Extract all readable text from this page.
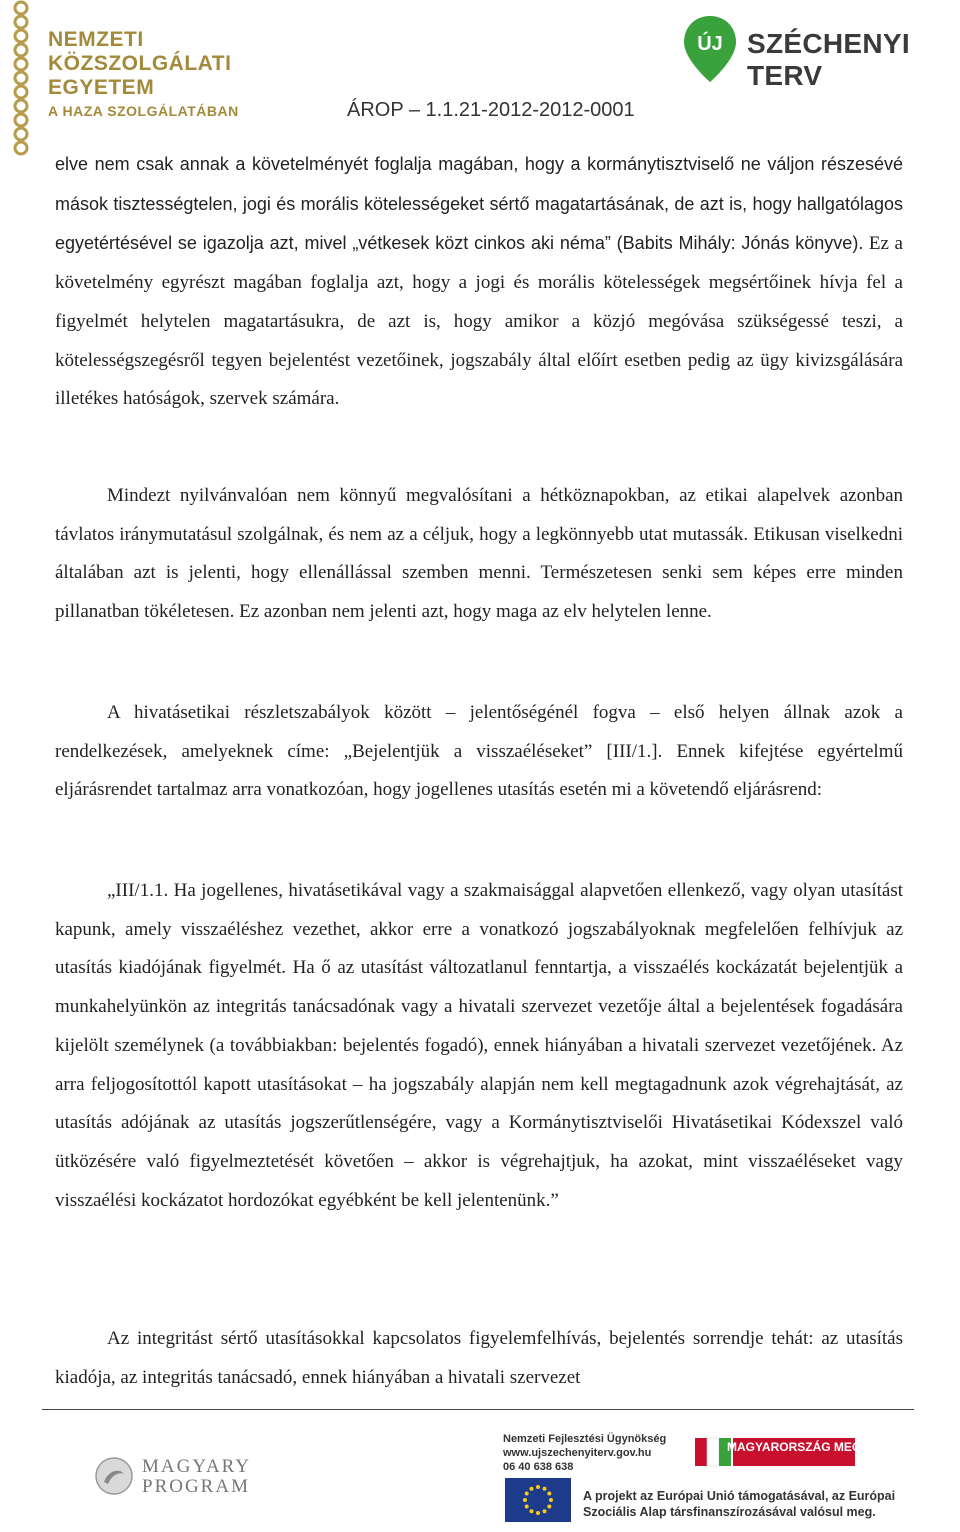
NEMZETI
KÖZSZOLGÁLATI
EGYETEM
A HAZA SZOLGÁLATÁBAN
ÚJ SZÉCHENYI TERV
ÁROP – 1.1.21-2012-2012-0001

elve nem csak annak a követelményét foglalja magában, hogy a kormánytisztviselő ne váljon részesévé mások tisztességtelen, jogi és morális kötelességeket sértő magatartásának, de azt is, hogy hallgatólagos egyetértésével se igazolja azt, mivel „vétkesek közt cinkos aki néma” (Babits Mihály: Jónás könyve). Ez a követelmény egyrészt magában foglalja azt, hogy a jogi és morális kötelességek megsértőinek hívja fel a figyelmét helytelen magatartásukra, de azt is, hogy amikor a közjó megóvása szükségessé teszi, a kötelességszegésről tegyen bejelentést vezetőinek, jogszabály által előírt esetben pedig az ügy kivizsgálására illetékes hatóságok, szervek számára.

Mindezt nyilvánvalóan nem könnyű megvalósítani a hétköznapokban, az etikai alapelvek azonban távlatos iránymutatásul szolgálnak, és nem az a céljuk, hogy a legkönnyebb utat mutassák. Etikusan viselkedni általában azt is jelenti, hogy ellenállással szemben menni. Természetesen senki sem képes erre minden pillanatban tökéletesen. Ez azonban nem jelenti azt, hogy maga az elv helytelen lenne.

A hivatásetikai részletszabályok között – jelentőségénél fogva – első helyen állnak azok a rendelkezések, amelyeknek címe: „Bejelentjük a visszaéléseket” [III/1.]. Ennek kifejtése egyértelmű eljárásrendet tartalmaz arra vonatkozóan, hogy jogellenes utasítás esetén mi a követendő eljárásrend:

„III/1.1. Ha jogellenes, hivatásetikával vagy a szakmaisággal alapvetően ellenkező, vagy olyan utasítást kapunk, amely visszaéléshez vezethet, akkor erre a vonatkozó jogszabályoknak megfelelően felhívjuk az utasítás kiadójának figyelmét. Ha ő az utasítást változatlanul fenntartja, a visszaélés kockázatát bejelentjük a munkahelyünkön az integritás tanácsadónak vagy a hivatali szervezet vezetője által a bejelentések fogadására kijelölt személynek (a továbbiakban: bejelentés fogadó), ennek hiányában a hivatali szervezet vezetőjének. Az arra feljogosítottól kapott utasításokat – ha jogszabály alapján nem kell megtagadnunk azok végrehajtását, az utasítás adójának az utasítás jogszerűtlenségére, vagy a Kormánytisztviselői Hivatásetikai Kódexszel való ütközésére való figyelmeztetését követően – akkor is végrehajtjuk, ha azokat, mint visszaéléseket vagy visszaélési kockázatot hordozókat egyébként be kell jelentenünk.”

Az integritást sértő utasításokkal kapcsolatos figyelemfelhívás, bejelentés sorrendje tehát: az utasítás kiadója, az integritás tanácsadó, ennek hiányában a hivatali szervezet

MAGYARY
PROGRAM
Nemzeti Fejlesztési Ügynökség
www.ujszechenyiterv.gov.hu
06 40 638 638
MAGYARORSZÁG MEGÚJUL
A projekt az Európai Unió támogatásával, az Európai
Szociális Alap társfinanszírozásával valósul meg.
